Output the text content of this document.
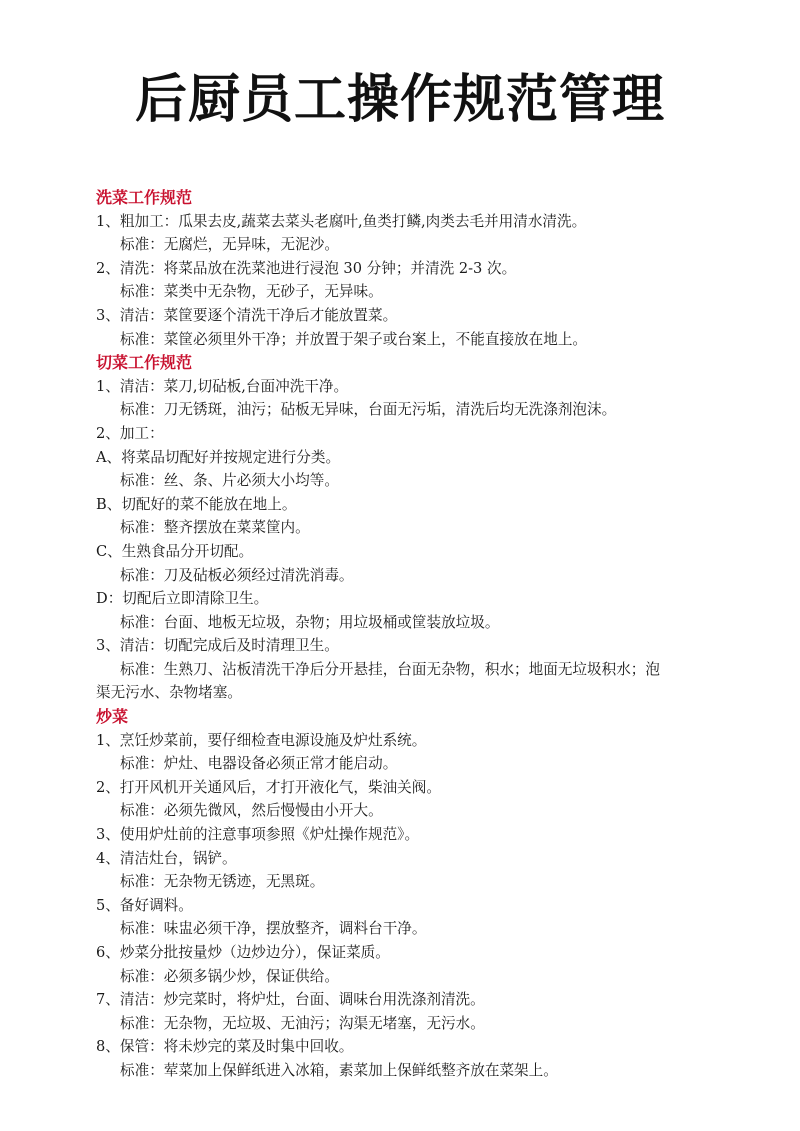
后厨员工操作规范管理
洗菜工作规范
1、粗加工：瓜果去皮,蔬菜去菜头老腐叶,鱼类打鳞,肉类去毛并用清水清洗。
标准：无腐烂，无异味，无泥沙。
2、清洗：将菜品放在洗菜池进行浸泡 30 分钟；并清洗 2-3 次。
标准：菜类中无杂物，无砂子，无异味。
3、清洁：菜筐要逐个清洗干净后才能放置菜。
标准：菜筐必须里外干净；并放置于架子或台案上，不能直接放在地上。
切菜工作规范
1、清洁：菜刀,切砧板,台面冲洗干净。
标准：刀无锈斑，油污；砧板无异味，台面无污垢，清洗后均无洗涤剂泡沫。
2、加工：
A、将菜品切配好并按规定进行分类。
标准：丝、条、片必须大小均等。
B、切配好的菜不能放在地上。
标准：整齐摆放在菜菜筐内。
C、生熟食品分开切配。
标准：刀及砧板必须经过清洗消毒。
D：切配后立即清除卫生。
标准：台面、地板无垃圾，杂物；用垃圾桶或筐装放垃圾。
3、清洁：切配完成后及时清理卫生。
标准：生熟刀、沾板清洗干净后分开悬挂，台面无杂物，积水；地面无垃圾积水；泡
渠无污水、杂物堵塞。
炒菜
1、烹饪炒菜前，要仔细检查电源设施及炉灶系统。
标准：炉灶、电器设备必须正常才能启动。
2、打开风机开关通风后，才打开液化气，柴油关阀。
标准：必须先微风，然后慢慢由小开大。
3、使用炉灶前的注意事项参照《炉灶操作规范》。
4、清洁灶台，锅铲。
标准：无杂物无锈迹，无黑斑。
5、备好调料。
标准：味盅必须干净，摆放整齐，调料台干净。
6、炒菜分批按量炒（边炒边分），保证菜质。
标准：必须多锅少炒，保证供给。
7、清洁：炒完菜时，将炉灶，台面、调味台用洗涤剂清洗。
标准：无杂物，无垃圾、无油污；沟渠无堵塞，无污水。
8、保管：将未炒完的菜及时集中回收。
标准：荤菜加上保鲜纸进入冰箱，素菜加上保鲜纸整齐放在菜架上。
